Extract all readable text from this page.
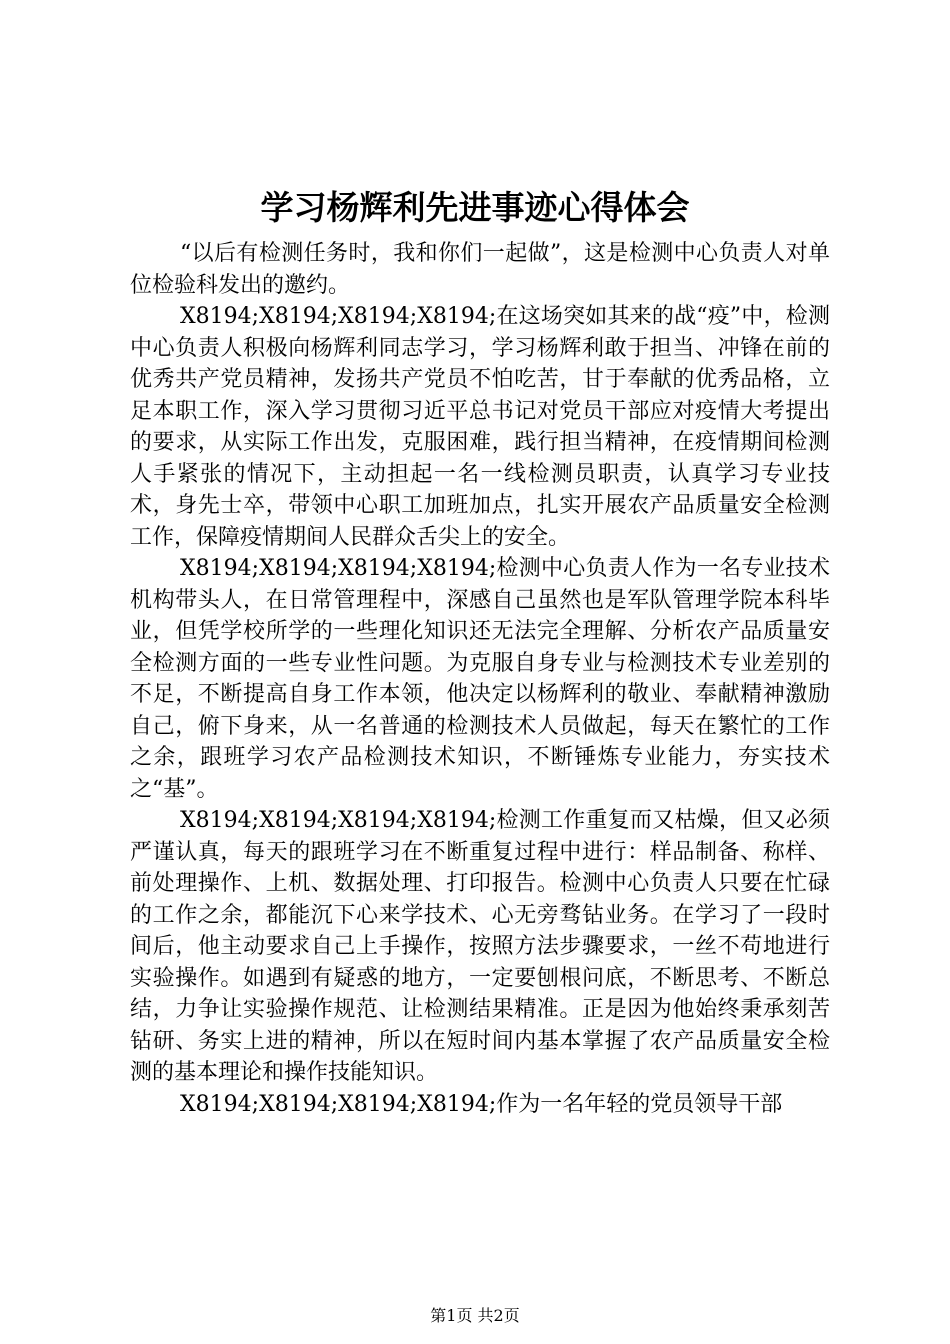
学习杨辉利先进事迹心得体会

“以后有检测任务时，我和你们一起做”，这是检测中心负责人对单位检验科发出的邀约。

X8194;X8194;X8194;X8194;在这场突如其来的战“疫”中，检测中心负责人积极向杨辉利同志学习，学习杨辉利敢于担当、冲锋在前的优秀共产党员精神，发扬共产党员不怕吃苦，甘于奉献的优秀品格，立足本职工作，深入学习贯彻习近平总书记对党员干部应对疫情大考提出的要求，从实际工作出发，克服困难，践行担当精神，在疫情期间检测人手紧张的情况下，主动担起一名一线检测员职责，认真学习专业技术，身先士卒，带领中心职工加班加点，扎实开展农产品质量安全检测工作，保障疫情期间人民群众舌尖上的安全。

X8194;X8194;X8194;X8194;检测中心负责人作为一名专业技术机构带头人，在日常管理程中，深感自己虽然也是军队管理学院本科毕业，但凭学校所学的一些理化知识还无法完全理解、分析农产品质量安全检测方面的一些专业性问题。为克服自身专业与检测技术专业差别的不足，不断提高自身工作本领，他决定以杨辉利的敬业、奉献精神激励自己，俯下身来，从一名普通的检测技术人员做起，每天在繁忙的工作之余，跟班学习农产品检测技术知识，不断锤炼专业能力，夯实技术之“基”。

X8194;X8194;X8194;X8194;检测工作重复而又枯燥，但又必须严谨认真，每天的跟班学习在不断重复过程中进行：样品制备、称样、前处理操作、上机、数据处理、打印报告。检测中心负责人只要在忙碌的工作之余，都能沉下心来学技术、心无旁骛钻业务。在学习了一段时间后，他主动要求自己上手操作，按照方法步骤要求，一丝不苟地进行实验操作。如遇到有疑惑的地方，一定要刨根问底，不断思考、不断总结，力争让实验操作规范、让检测结果精准。正是因为他始终秉承刻苦钻研、务实上进的精神，所以在短时间内基本掌握了农产品质量安全检测的基本理论和操作技能知识。

X8194;X8194;X8194;X8194;作为一名年轻的党员领导干部

第1页 共2页
